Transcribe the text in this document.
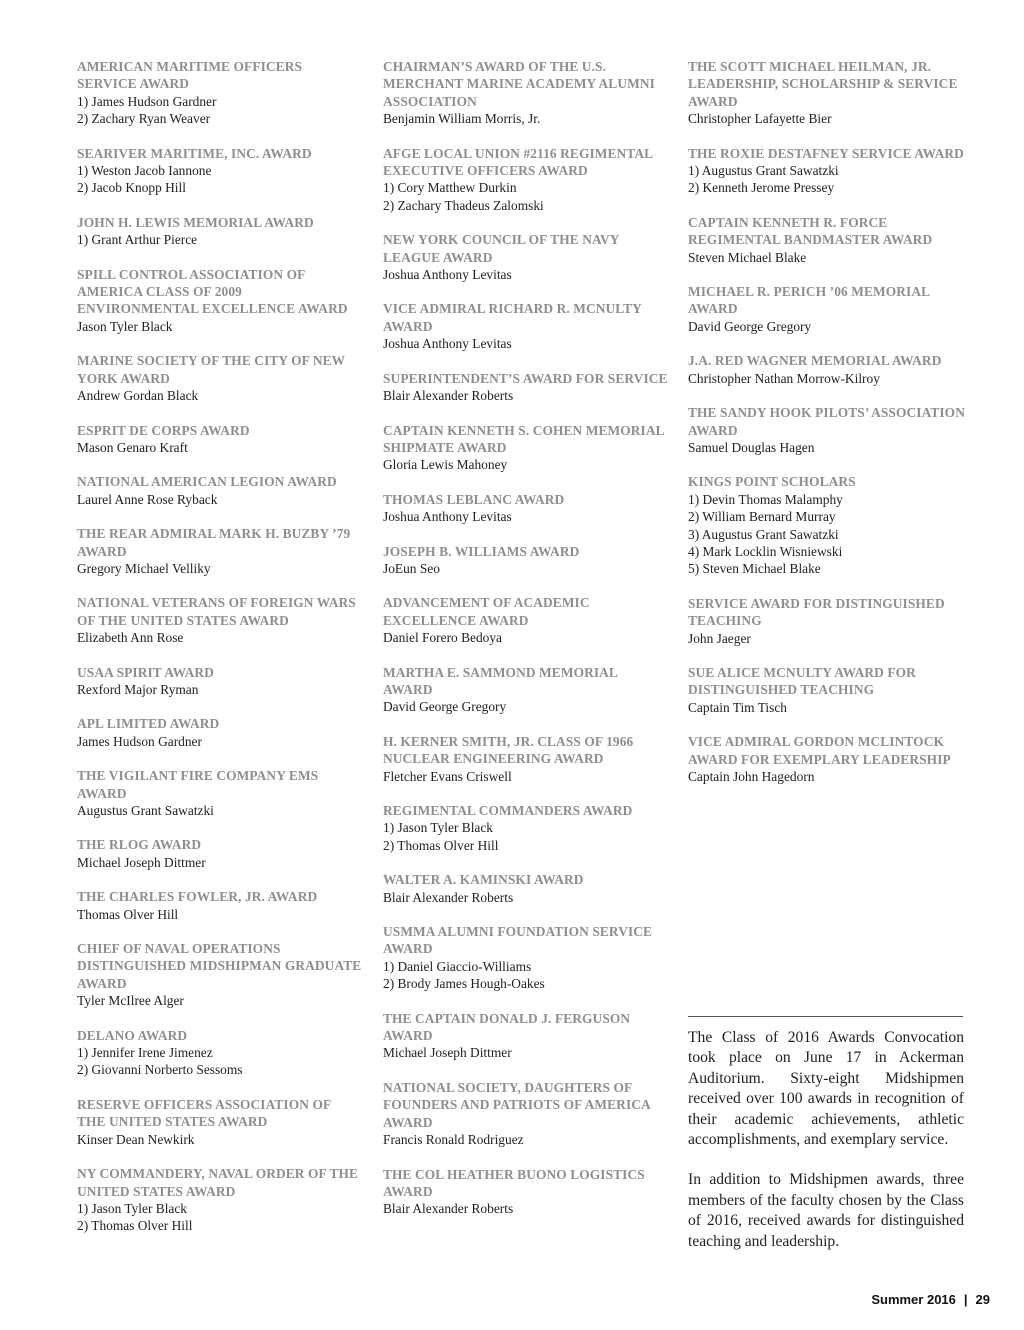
AMERICAN MARITIME OFFICERS SERVICE AWARD
1) James Hudson Gardner
2) Zachary Ryan Weaver
SEARIVER MARITIME, INC. AWARD
1) Weston Jacob Iannone
2) Jacob Knopp Hill
JOHN H. LEWIS MEMORIAL AWARD
1) Grant Arthur Pierce
SPILL CONTROL ASSOCIATION OF AMERICA CLASS OF 2009 ENVIRONMENTAL EXCELLENCE AWARD
Jason Tyler Black
MARINE SOCIETY OF THE CITY OF NEW YORK AWARD
Andrew Gordan Black
ESPRIT DE CORPS AWARD
Mason Genaro Kraft
NATIONAL AMERICAN LEGION AWARD
Laurel Anne Rose Ryback
THE REAR ADMIRAL MARK H. BUZBY ’79 AWARD
Gregory Michael Velliky
NATIONAL VETERANS OF FOREIGN WARS OF THE UNITED STATES AWARD
Elizabeth Ann Rose
USAA SPIRIT AWARD
Rexford Major Ryman
APL LIMITED AWARD
James Hudson Gardner
THE VIGILANT FIRE COMPANY EMS AWARD
Augustus Grant Sawatzki
THE RLOG AWARD
Michael Joseph Dittmer
THE CHARLES FOWLER, JR. AWARD
Thomas Olver Hill
CHIEF OF NAVAL OPERATIONS DISTINGUISHED MIDSHIPMAN GRADUATE AWARD
Tyler McIlree Alger
DELANO AWARD
1) Jennifer Irene Jimenez
2) Giovanni Norberto Sessoms
RESERVE OFFICERS ASSOCIATION OF THE UNITED STATES AWARD
Kinser Dean Newkirk
NY COMMANDERY, NAVAL ORDER OF THE UNITED STATES AWARD
1) Jason Tyler Black
2) Thomas Olver Hill
CHAIRMAN’S AWARD OF THE U.S. MERCHANT MARINE ACADEMY ALUMNI ASSOCIATION
Benjamin William Morris, Jr.
AFGE LOCAL UNION #2116 REGIMENTAL EXECUTIVE OFFICERS AWARD
1) Cory Matthew Durkin
2) Zachary Thadeus Zalomski
NEW YORK COUNCIL OF THE NAVY LEAGUE AWARD
Joshua Anthony Levitas
VICE ADMIRAL RICHARD R. MCNULTY AWARD
Joshua Anthony Levitas
SUPERINTENDENT’S AWARD FOR SERVICE
Blair Alexander Roberts
CAPTAIN KENNETH S. COHEN MEMORIAL SHIPMATE AWARD
Gloria Lewis Mahoney
THOMAS LEBLANC AWARD
Joshua Anthony Levitas
JOSEPH B. WILLIAMS AWARD
JoEun Seo
ADVANCEMENT OF ACADEMIC EXCELLENCE AWARD
Daniel Forero Bedoya
MARTHA E. SAMMOND MEMORIAL AWARD
David George Gregory
H. KERNER SMITH, JR. CLASS OF 1966 NUCLEAR ENGINEERING AWARD
Fletcher Evans Criswell
REGIMENTAL COMMANDERS AWARD
1) Jason Tyler Black
2) Thomas Olver Hill
WALTER A. KAMINSKI AWARD
Blair Alexander Roberts
USMMA ALUMNI FOUNDATION SERVICE AWARD
1) Daniel Giaccio-Williams
2) Brody James Hough-Oakes
THE CAPTAIN DONALD J. FERGUSON AWARD
Michael Joseph Dittmer
NATIONAL SOCIETY, DAUGHTERS OF FOUNDERS AND PATRIOTS OF AMERICA AWARD
Francis Ronald Rodriguez
THE COL HEATHER BUONO LOGISTICS AWARD
Blair Alexander Roberts
THE SCOTT MICHAEL HEILMAN, JR. LEADERSHIP, SCHOLARSHIP & SERVICE AWARD
Christopher Lafayette Bier
THE ROXIE DESTAFNEY SERVICE AWARD
1) Augustus Grant Sawatzki
2) Kenneth Jerome Pressey
CAPTAIN KENNETH R. FORCE REGIMENTAL BANDMASTER AWARD
Steven Michael Blake
MICHAEL R. PERICH ’06 MEMORIAL AWARD
David George Gregory
J.A. RED WAGNER MEMORIAL AWARD
Christopher Nathan Morrow-Kilroy
THE SANDY HOOK PILOTS’ ASSOCIATION AWARD
Samuel Douglas Hagen
KINGS POINT SCHOLARS
1) Devin Thomas Malamphy
2) William Bernard Murray
3) Augustus Grant Sawatzki
4) Mark Locklin Wisniewski
5) Steven Michael Blake
SERVICE AWARD FOR DISTINGUISHED TEACHING
John Jaeger
SUE ALICE MCNULTY AWARD FOR DISTINGUISHED TEACHING
Captain Tim Tisch
VICE ADMIRAL GORDON MCLINTOCK AWARD FOR EXEMPLARY LEADERSHIP
Captain John Hagedorn

The Class of 2016 Awards Convocation took place on June 17 in Ackerman Auditorium. Sixty-eight Midshipmen received over 100 awards in recognition of their academic achievements, athletic accomplishments, and exemplary service.

In addition to Midshipmen awards, three members of the faculty chosen by the Class of 2016, received awards for distinguished teaching and leadership.

Summer 2016 | 29
